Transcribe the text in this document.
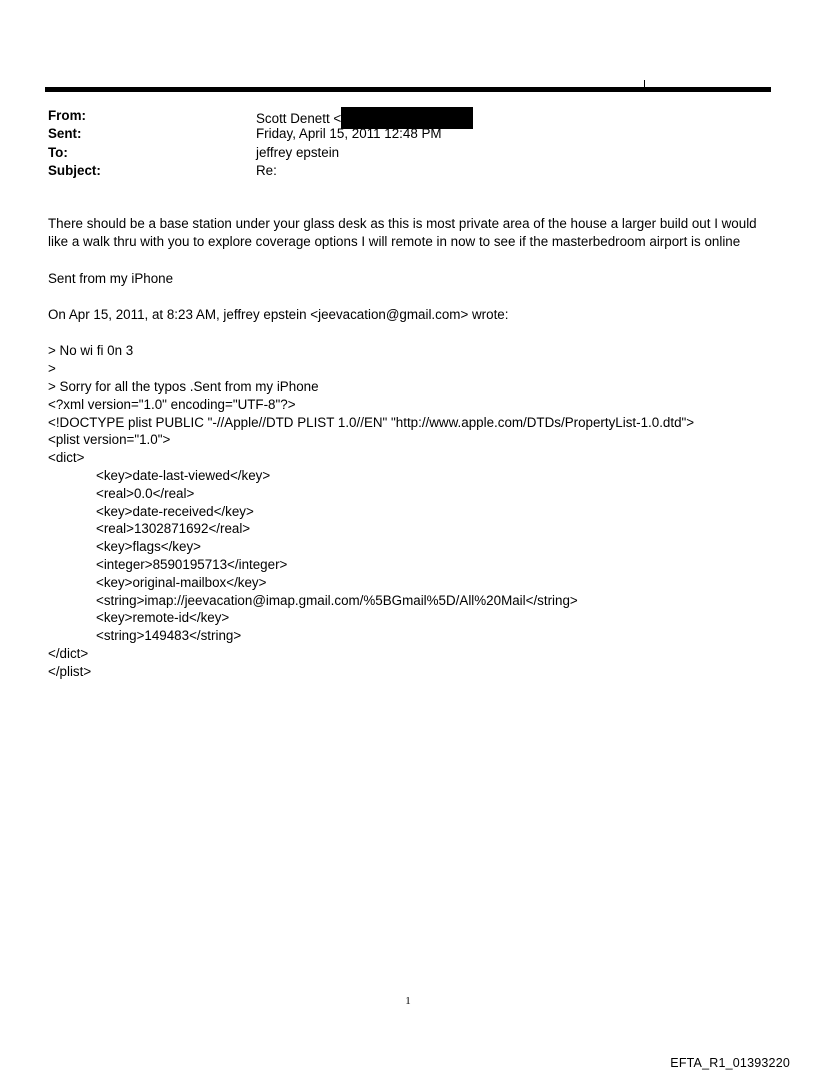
From:	Scott Denett <
Sent:	Friday, April 15, 2011 12:48 PM
To:	jeffrey epstein
Subject:	Re:

There should be a base station under your glass desk as this is most private area of the house a larger build out I would

like a walk thru with you to explore coverage options I will remote in now to see if the masterbedroom airport is online

Sent from my iPhone

On Apr 15, 2011, at 8:23 AM, jeffrey epstein <jeevacation@gmail.com> wrote:

> No wi fi 0n 3

>

> Sorry for all the typos .Sent from my iPhone

<?xml version="1.0" encoding="UTF-8"?>

<!DOCTYPE plist PUBLIC "-//Apple//DTD PLIST 1.0//EN" "http://www.apple.com/DTDs/PropertyList-1.0.dtd">

<plist version="1.0">

<dict>

<key>date-last-viewed</key>

<real>0.0</real>

<key>date-received</key>

<real>1302871692</real>

<key>flags</key>

<integer>8590195713</integer>

<key>original-mailbox</key>

<string>imap://jeevacation@imap.gmail.com/%5BGmail%5D/All%20Mail</string>

<key>remote-id</key>

<string>149483</string>

</dict>

</plist>

1
EFTA_R1_01393220
